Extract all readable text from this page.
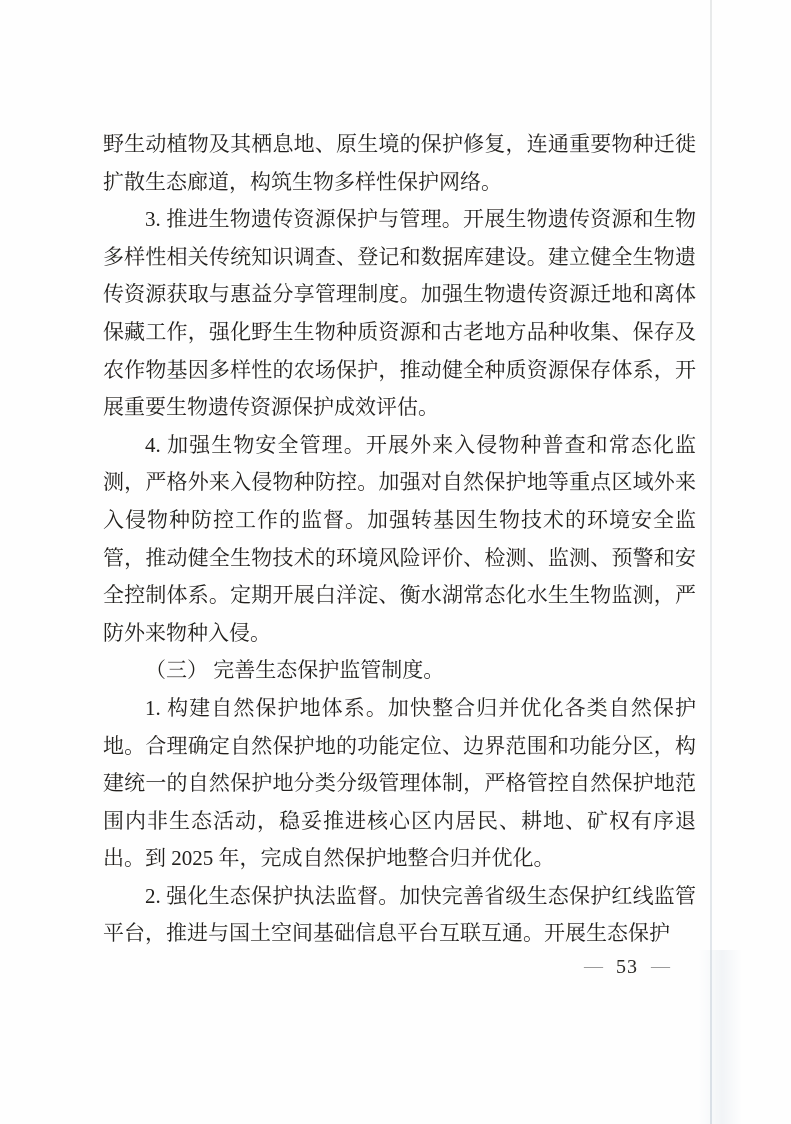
野生动植物及其栖息地、原生境的保护修复，连通重要物种迁徙扩散生态廊道，构筑生物多样性保护网络。

3. 推进生物遗传资源保护与管理。开展生物遗传资源和生物多样性相关传统知识调查、登记和数据库建设。建立健全生物遗传资源获取与惠益分享管理制度。加强生物遗传资源迁地和离体保藏工作，强化野生生物种质资源和古老地方品种收集、保存及农作物基因多样性的农场保护，推动健全种质资源保存体系，开展重要生物遗传资源保护成效评估。

4. 加强生物安全管理。开展外来入侵物种普查和常态化监测，严格外来入侵物种防控。加强对自然保护地等重点区域外来入侵物种防控工作的监督。加强转基因生物技术的环境安全监管，推动健全生物技术的环境风险评价、检测、监测、预警和安全控制体系。定期开展白洋淀、衡水湖常态化水生生物监测，严防外来物种入侵。

（三） 完善生态保护监管制度。

1. 构建自然保护地体系。加快整合归并优化各类自然保护地。合理确定自然保护地的功能定位、边界范围和功能分区，构建统一的自然保护地分类分级管理体制，严格管控自然保护地范围内非生态活动，稳妥推进核心区内居民、耕地、矿权有序退出。到 2025 年，完成自然保护地整合归并优化。

2. 强化生态保护执法监督。加快完善省级生态保护红线监管平台，推进与国土空间基础信息平台互联互通。开展生态保护

— 53 —
